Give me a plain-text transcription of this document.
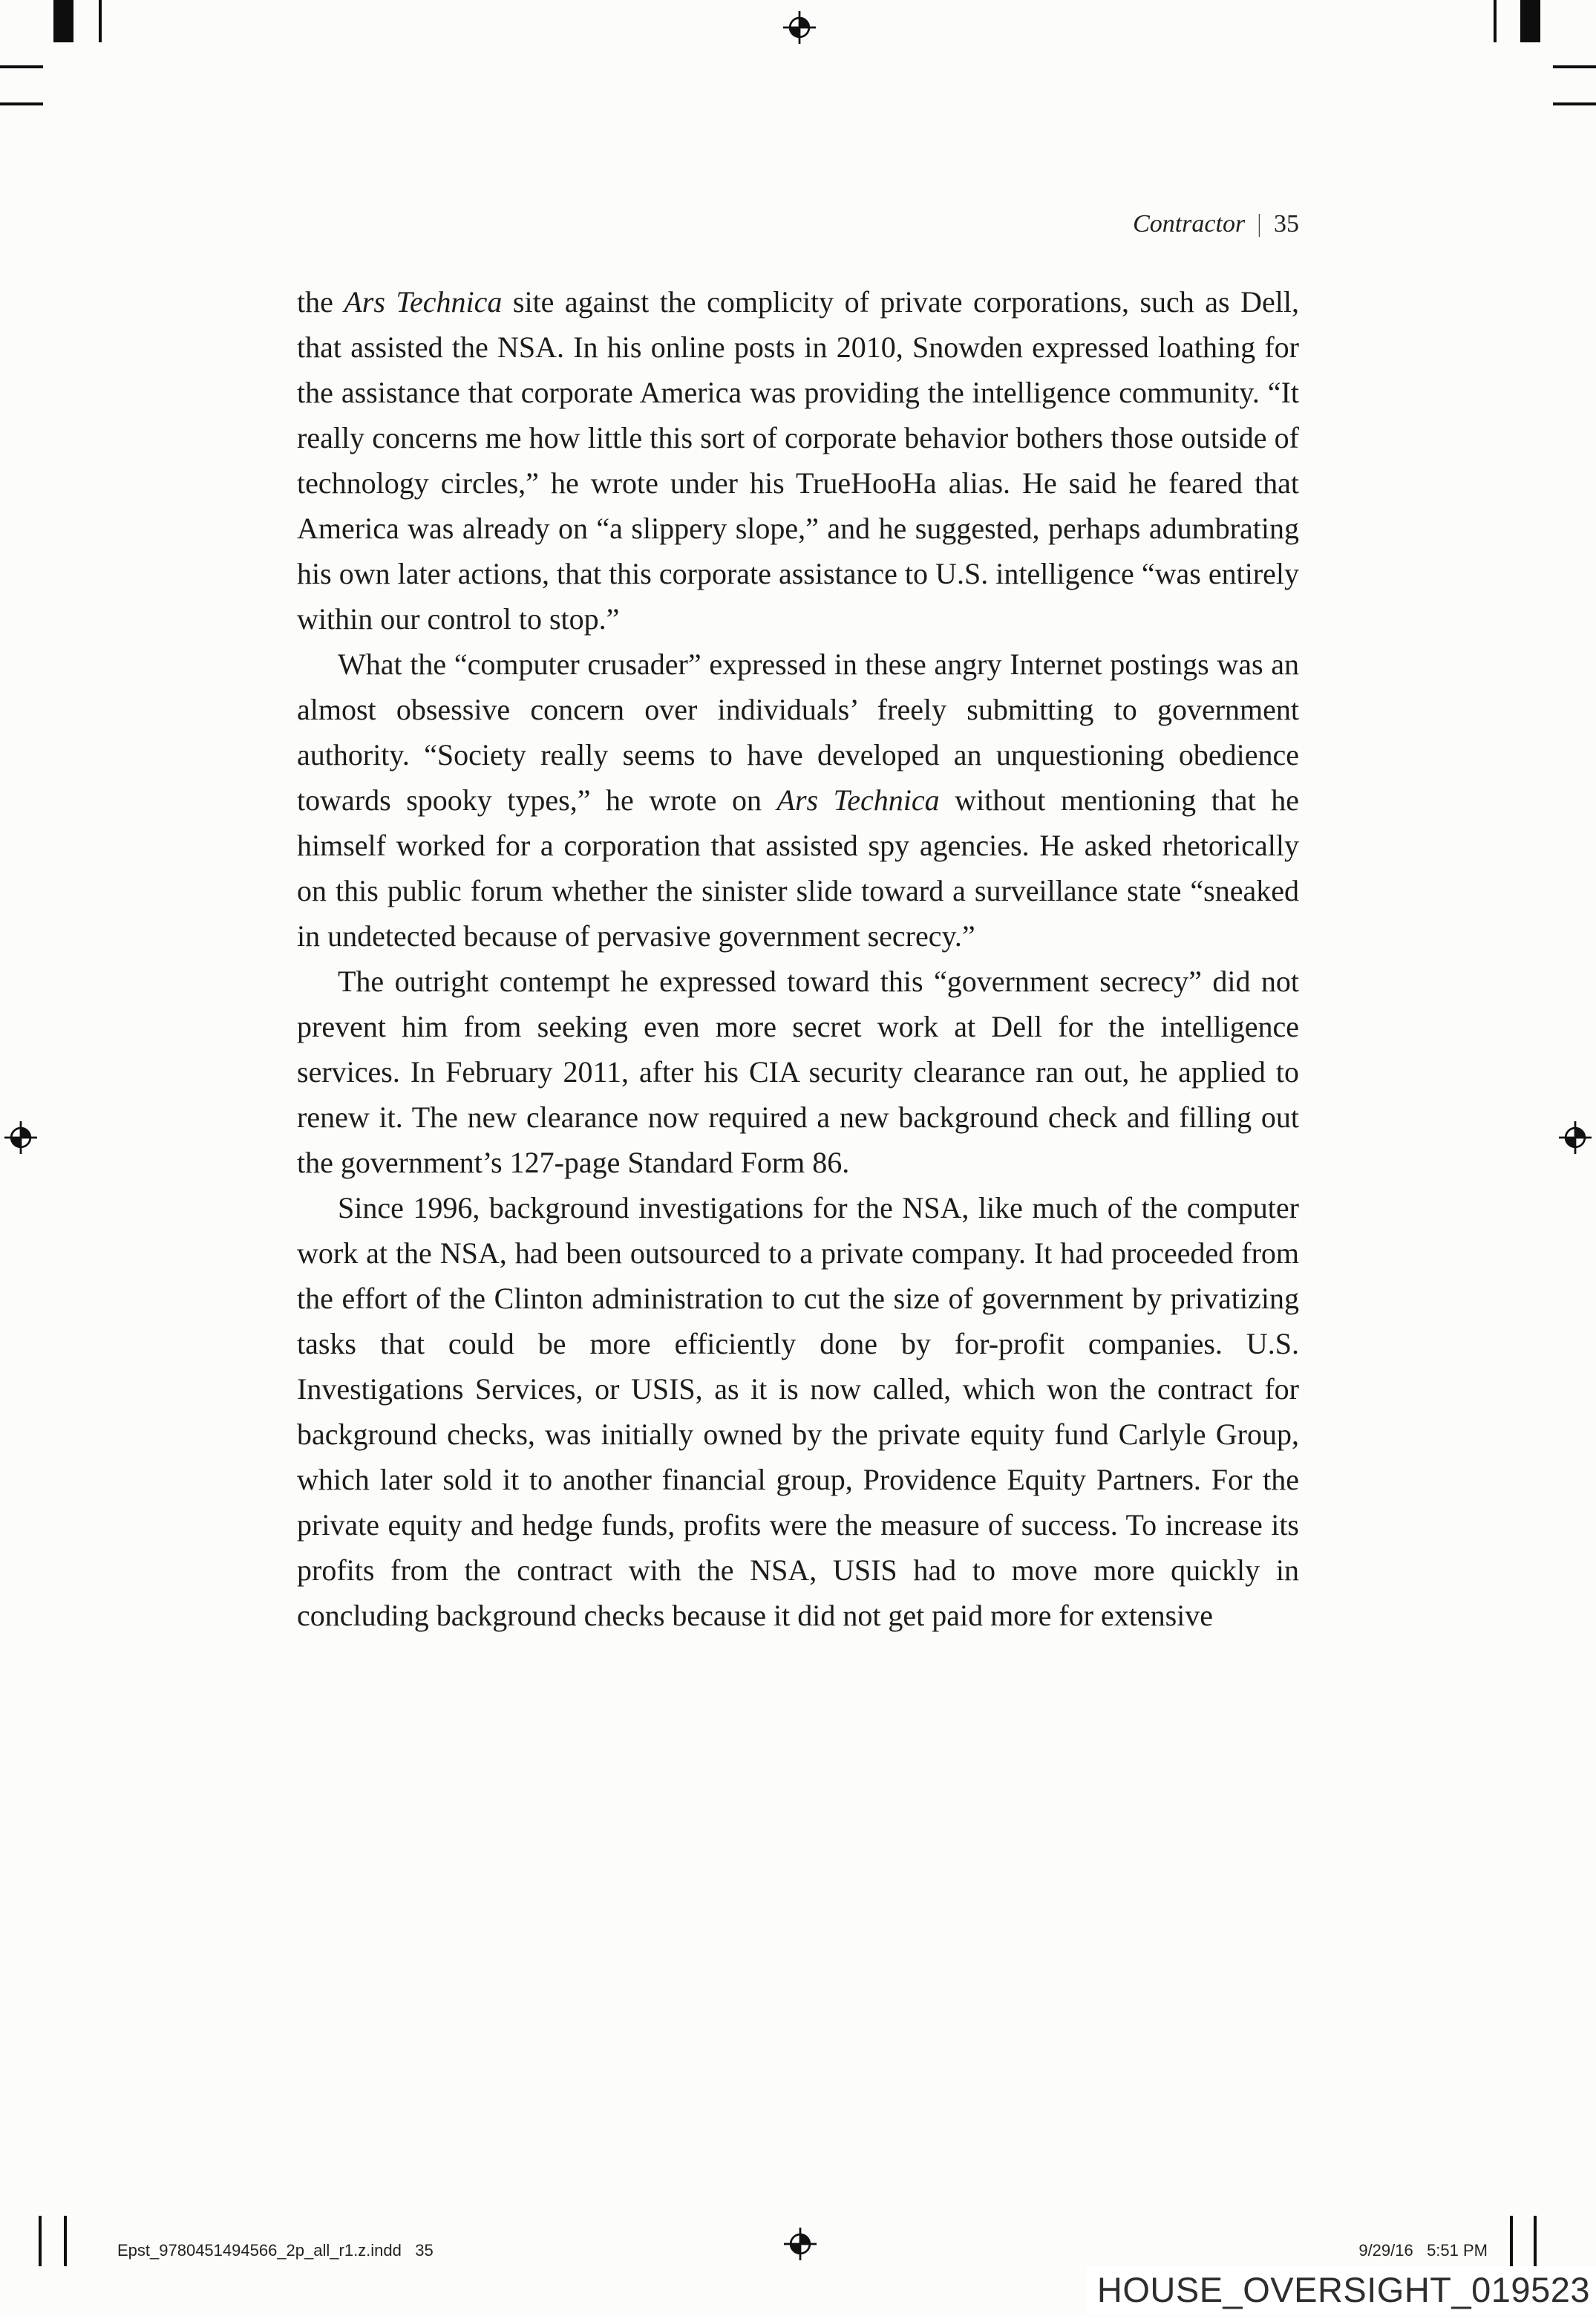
Contractor | 35

the Ars Technica site against the complicity of private corporations, such as Dell, that assisted the NSA. In his online posts in 2010, Snowden expressed loathing for the assistance that corporate America was providing the intelligence community. “It really concerns me how little this sort of corporate behavior bothers those outside of technology circles,” he wrote under his TrueHooHa alias. He said he feared that America was already on “a slippery slope,” and he suggested, perhaps adumbrating his own later actions, that this corporate assistance to U.S. intelligence “was entirely within our control to stop.”

What the “computer crusader” expressed in these angry Internet postings was an almost obsessive concern over individuals’ freely submitting to government authority. “Society really seems to have developed an unquestioning obedience towards spooky types,” he wrote on Ars Technica without mentioning that he himself worked for a corporation that assisted spy agencies. He asked rhetorically on this public forum whether the sinister slide toward a surveillance state “sneaked in undetected because of pervasive government secrecy.”

The outright contempt he expressed toward this “government secrecy” did not prevent him from seeking even more secret work at Dell for the intelligence services. In February 2011, after his CIA security clearance ran out, he applied to renew it. The new clearance now required a new background check and filling out the government’s 127-page Standard Form 86.

Since 1996, background investigations for the NSA, like much of the computer work at the NSA, had been outsourced to a private company. It had proceeded from the effort of the Clinton administration to cut the size of government by privatizing tasks that could be more efficiently done by for-profit companies. U.S. Investigations Services, or USIS, as it is now called, which won the contract for background checks, was initially owned by the private equity fund Carlyle Group, which later sold it to another financial group, Providence Equity Partners. For the private equity and hedge funds, profits were the measure of success. To increase its profits from the contract with the NSA, USIS had to move more quickly in concluding background checks because it did not get paid more for extensive

Epst_9780451494566_2p_all_r1.z.indd   35	9/29/16   5:51 PM
HOUSE_OVERSIGHT_019523
